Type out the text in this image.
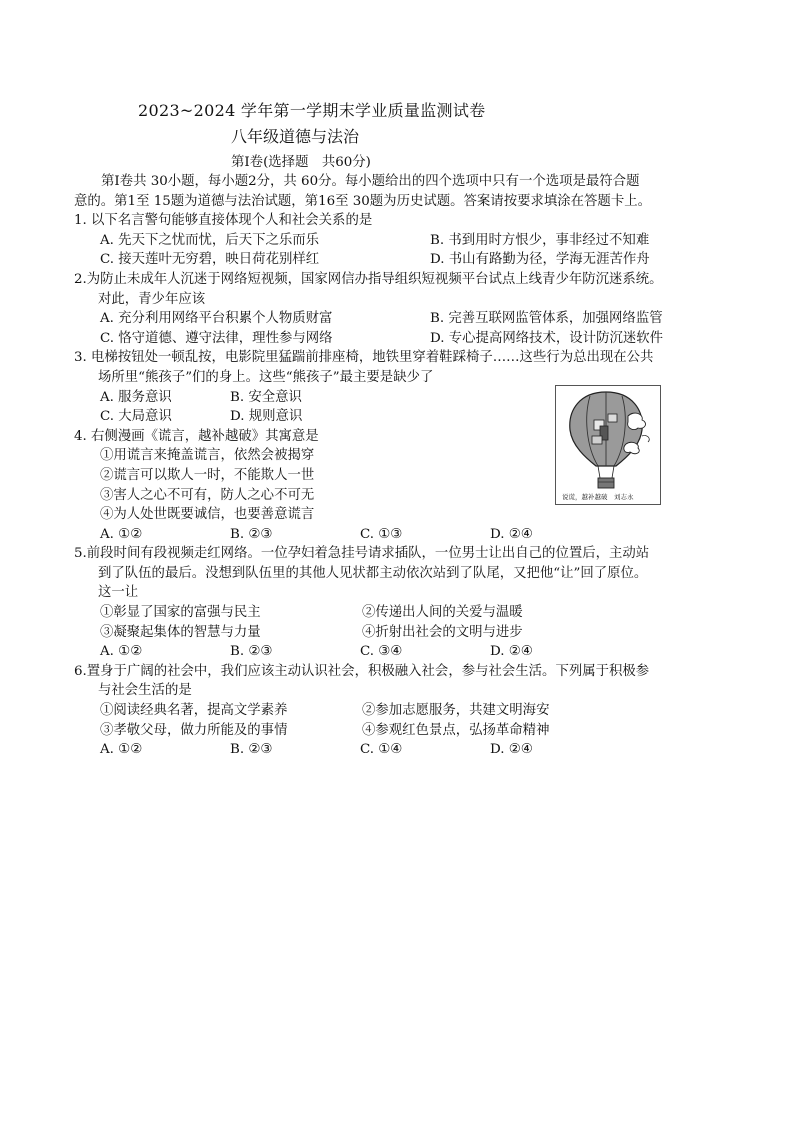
2023~2024 学年第一学期末学业质量监测试卷
八年级道德与法治
第Ⅰ卷(选择题　共60分)
第Ⅰ卷共 30小题，每小题2分，共 60分。每小题给出的四个选项中只有一个选项是最符合题
意的。第1至 15题为道德与法治试题，第16至 30题为历史试题。答案请按要求填涂在答题卡上。
1. 以下名言警句能够直接体现个人和社会关系的是
A. 先天下之忧而忧，后天下之乐而乐	B. 书到用时方恨少，事非经过不知难
C. 接天莲叶无穷碧，映日荷花别样红	D. 书山有路勤为径，学海无涯苦作舟
2.为防止未成年人沉迷于网络短视频，国家网信办指导组织短视频平台试点上线青少年防沉迷系统。
对此，青少年应该
A. 充分利用网络平台积累个人物质财富	B. 完善互联网监管体系，加强网络监管
C. 恪守道德、遵守法律，理性参与网络	D. 专心提高网络技术，设计防沉迷软件
3. 电梯按钮处一顿乱按，电影院里猛踹前排座椅，地铁里穿着鞋踩椅子……这些行为总出现在公共
场所里“熊孩子”们的身上。这些“熊孩子”最主要是缺少了
A. 服务意识	B. 安全意识
C. 大局意识	D. 规则意识
4. 右侧漫画《谎言，越补越破》其寓意是
①用谎言来掩盖谎言，依然会被揭穿
②谎言可以欺人一时，不能欺人一世
③害人之心不可有，防人之心不可无
④为人处世既要诚信，也要善意谎言
A. ①②	B. ②③	C. ①③	D. ②④
5.前段时间有段视频走红网络。一位孕妇着急挂号请求插队，一位男士让出自己的位置后，主动站
到了队伍的最后。没想到队伍里的其他人见状都主动依次站到了队尾，又把他“让”回了原位。
这一让
①彰显了国家的富强与民主	②传递出人间的关爱与温暖
③凝聚起集体的智慧与力量	④折射出社会的文明与进步
A. ①②	B. ②③	C. ③④	D. ②④
6.置身于广阔的社会中，我们应该主动认识社会，积极融入社会，参与社会生活。下列属于积极参
与社会生活的是
①阅读经典名著，提高文学素养	②参加志愿服务，共建文明海安
③孝敬父母，做力所能及的事情	④参观红色景点，弘扬革命精神
A. ①②	B. ②③	C. ①④	D. ②④
说谎，越补越破　刘志永
